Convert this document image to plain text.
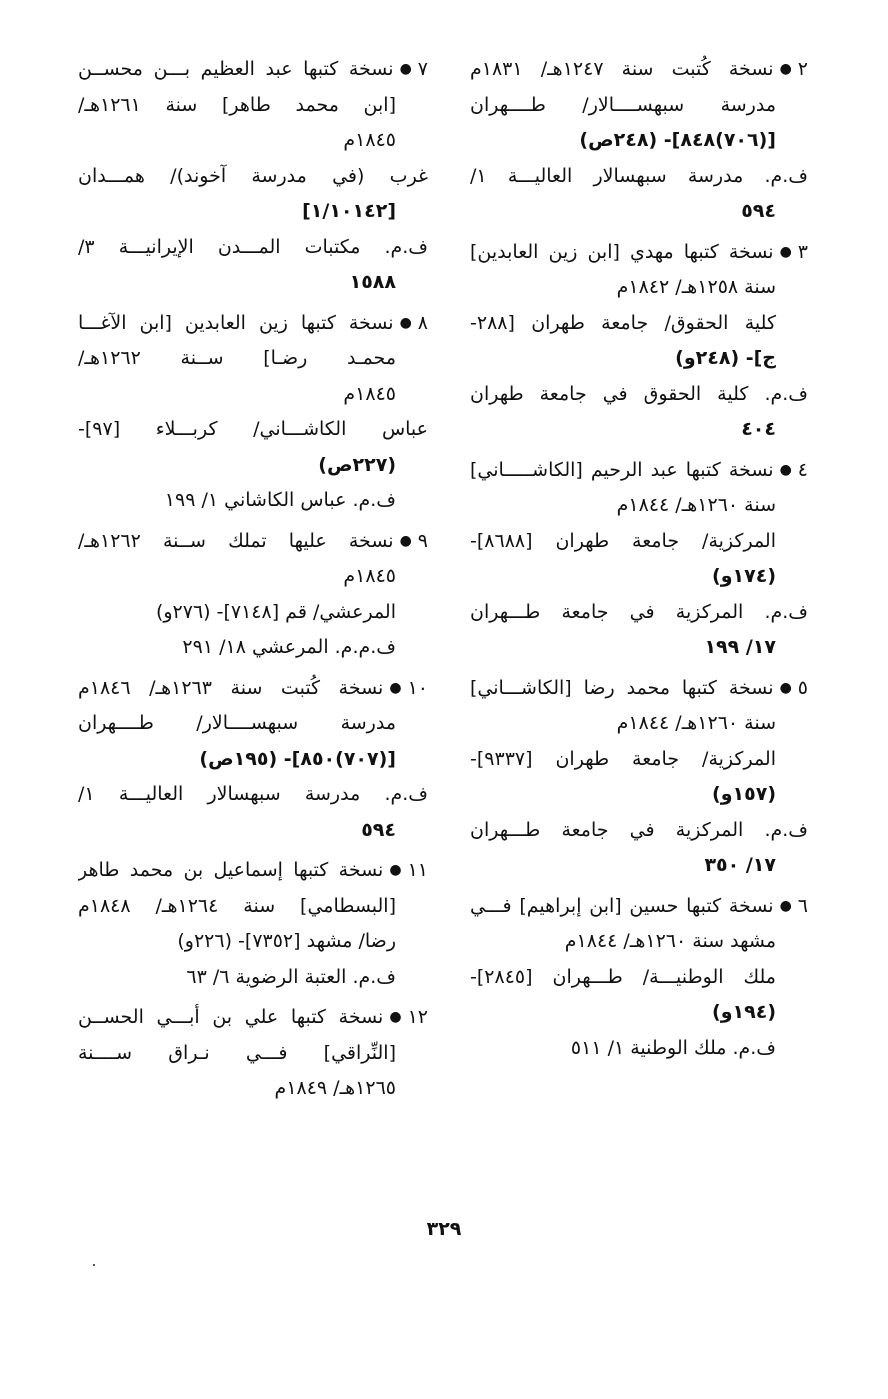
٢●نسخة كُتبت سنة ١٢٤٧هـ/ ١٨٣١م
مدرسة سبهســــالار/ طــــهران
[(٧٠٦)٨٤٨]- (٢٤٨ص)
ف.م. مدرسة سبهسالار العاليـــة ١/
٥٩٤
٣●نسخة كتبها مهدي [ابن زين العابدين]
سنة ١٢٥٨هـ/ ١٨٤٢م
كلية الحقوق/ جامعة طهران [٢٨٨-
ج]- (٢٤٨و)
ف.م. كلية الحقوق في جامعة طهران
٤٠٤
٤●نسخة كتبها عبد الرحيم [الكاشـــــاني]
سنة ١٢٦٠هـ/ ١٨٤٤م
المركزية/ جامعة طهران [٨٦٨٨]-
(١٧٤و)
ف.م. المركزية في جامعة طـــهران
١٧/ ١٩٩
٥●نسخة كتبها محمد رضا [الكاشـــاني]
سنة ١٢٦٠هـ/ ١٨٤٤م
المركزية/ جامعة طهران [٩٣٣٧]-
(١٥٧و)
ف.م. المركزية في جامعة طـــهران
١٧/ ٣٥٠
٦●نسخة كتبها حسين [ابن إبراهيم] فـــي
مشهد سنة ١٢٦٠هـ/ ١٨٤٤م
ملك الوطنيـــة/ طـــهران [٢٨٤٥]-
(١٩٤و)
ف.م. ملك الوطنية ١/ ٥١١
٧●نسخة كتبها عبد العظيم بـــن محســن
[ابن محمد طاهر] سنة ١٢٦١هـ/
١٨٤٥م
غرب (في مدرسة آخوند)/ همـــدان
[١/١٠١٤٢]
ف.م. مكتبات المـــدن الإيرانيـــة ٣/
١٥٨٨
٨●نسخة كتبها زين العابدين [ابن الآغـــا
محمـد رضـا] ســنة ١٢٦٢هـ/
١٨٤٥م
عباس الكاشـــاني/ كربـــلاء [٩٧]-
(٢٢٧ص)
ف.م. عباس الكاشاني ١/ ١٩٩
٩●نسخة عليها تملك ســنة ١٢٦٢هـ/
١٨٤٥م
المرعشي/ قم [٧١٤٨]- (٢٧٦و)
ف.م.م. المرعشي ١٨/ ٢٩١
١٠●نسخة كُتبت سنة ١٢٦٣هـ/ ١٨٤٦م
مدرسة سبهســــالار/ طــــهران
[(٧٠٧)٨٥٠]- (١٩٥ص)
ف.م. مدرسة سبهسالار العاليـــة ١/
٥٩٤
١١●نسخة كتبها إسماعيل بن محمد طاهر
[البسطامي] سنة ١٢٦٤هـ/ ١٨٤٨م
رضا/ مشهد [٧٣٥٢]- (٢٢٦و)
ف.م. العتبة الرضوية ٦/ ٦٣
١٢●نسخة كتبها علي بن أبـــي الحســن
[النِّراقي] فـــي نـراق ســــنة
١٢٦٥هـ/ ١٨٤٩م
٣٢٩
